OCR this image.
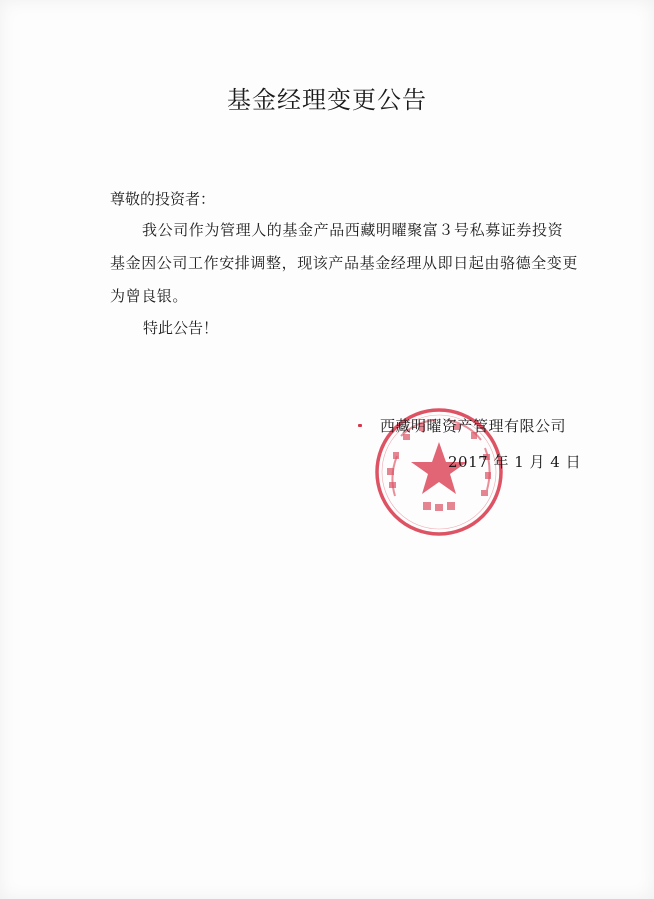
基金经理变更公告
尊敬的投资者：
我公司作为管理人的基金产品西藏明曜聚富３号私募证券投资
基金因公司工作安排调整，现该产品基金经理从即日起由骆德全变更
为曾良银。
特此公告！
西藏明曜资产管理有限公司
2017 年 1 月 4 日
